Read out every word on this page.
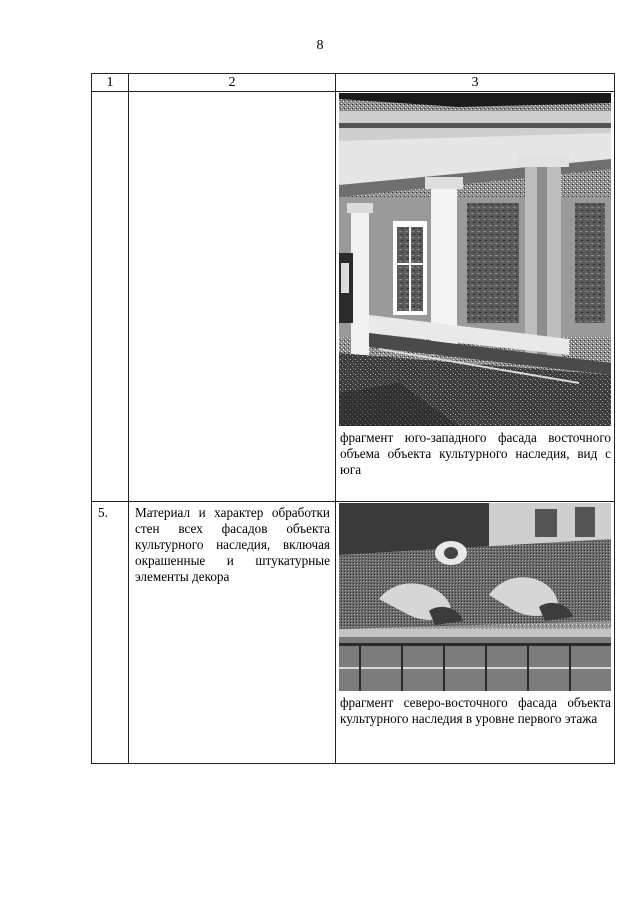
8
1	2	3

		фрагмент юго-западного фасада восточного объема объекта культурного наследия, вид с юга

5.	Материал и характер обработки стен всех фасадов объекта культурного наследия, включая окрашенные и штукатурные элементы декора	фрагмент северо-восточного фасада объекта культурного наследия в уровне первого этажа
